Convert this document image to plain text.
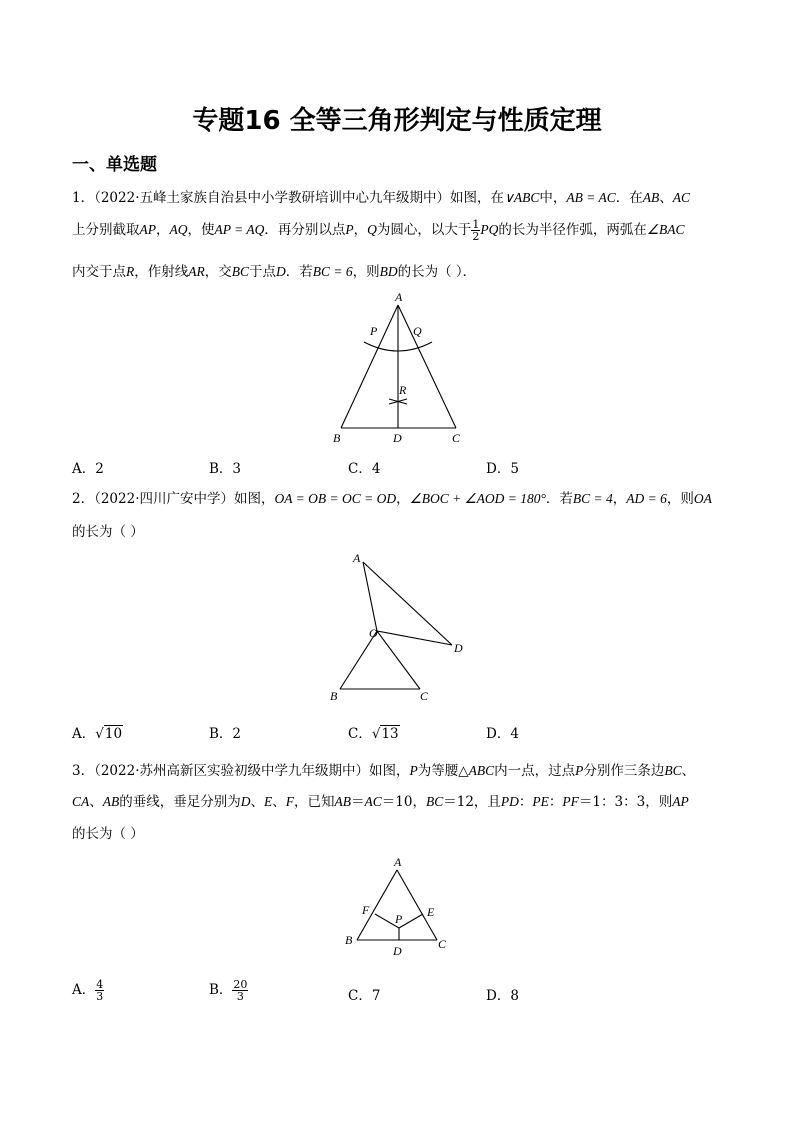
专题16 全等三角形判定与性质定理
一、单选题
1．（2022·五峰土家族自治县中小学教研培训中心九年级期中）如图，在∨ABC中，AB = AC．在AB、AC
上分别截取AP，AQ，使AP = AQ．再分别以点P，Q为圆心，以大于 $\frac{1}{2}$ PQ的长为半径作弧，两弧在∠BAC
内交于点R，作射线AR，交BC于点D．若BC = 6，则BD的长为（ ）．
A
P	Q
R
B	D	C
A
O
D
B	C
A
F	E
P
B
D	C
A．2	B．3	C．4	D．5
2．（2022·四川广安中学）如图，OA = OB = OC = OD，∠BOC + ∠AOD = 180°．若BC = 4，AD = 6，则OA
的长为（ ）
A．√10	B．2	C．√13	D．4
3．（2022·苏州高新区实验初级中学九年级期中）如图，P为等腰△ABC内一点，过点P分别作三条边BC、
CA、AB的垂线，垂足分别为D、E、F，已知AB＝AC＝10，BC＝12，且PD：PE：PF＝1：3：3，则AP
的长为（ ）
A． $\frac{4}{3}$	B． $\frac{20}{3}$	C．7	D．8
